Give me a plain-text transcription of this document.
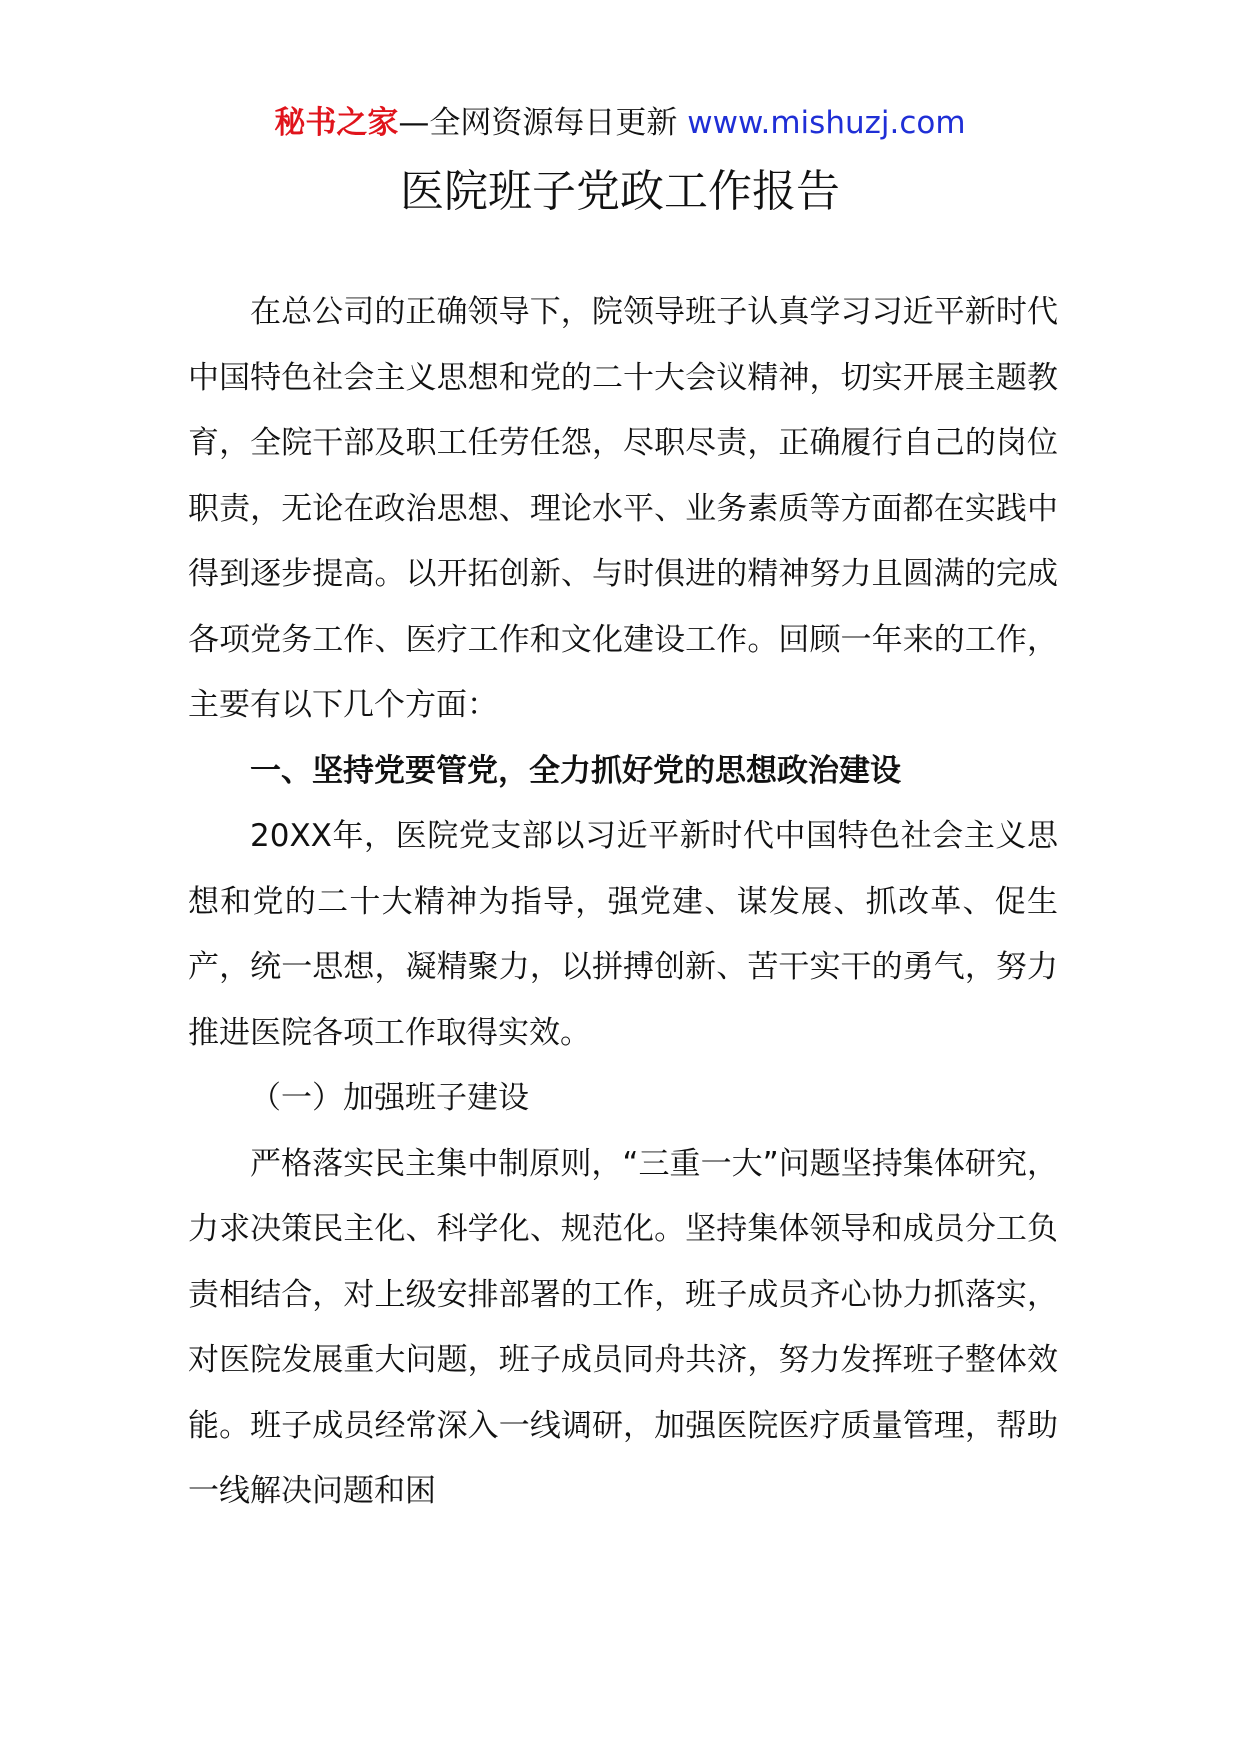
秘书之家—全网资源每日更新 www.mishuzj.com
医院班子党政工作报告

在总公司的正确领导下，院领导班子认真学习习近平新时代中国特色社会主义思想和党的二十大会议精神，切实开展主题教育，全院干部及职工任劳任怨，尽职尽责，正确履行自己的岗位职责，无论在政治思想、理论水平、业务素质等方面都在实践中得到逐步提高。以开拓创新、与时俱进的精神努力且圆满的完成各项党务工作、医疗工作和文化建设工作。回顾一年来的工作，主要有以下几个方面：

一、坚持党要管党，全力抓好党的思想政治建设

20XX年，医院党支部以习近平新时代中国特色社会主义思想和党的二十大精神为指导，强党建、谋发展、抓改革、促生产，统一思想，凝精聚力，以拼搏创新、苦干实干的勇气，努力推进医院各项工作取得实效。

（一）加强班子建设

严格落实民主集中制原则，“三重一大”问题坚持集体研究，力求决策民主化、科学化、规范化。坚持集体领导和成员分工负责相结合，对上级安排部署的工作，班子成员齐心协力抓落实，对医院发展重大问题，班子成员同舟共济，努力发挥班子整体效能。班子成员经常深入一线调研，加强医院医疗质量管理，帮助一线解决问题和困
